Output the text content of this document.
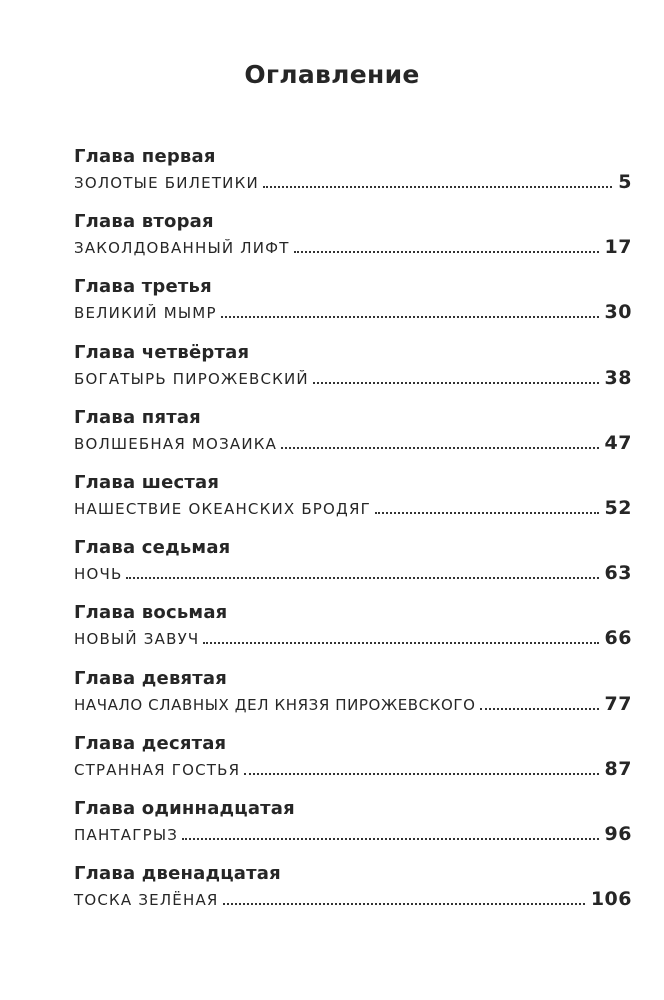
Оглавление
Глава первая
ЗОЛОТЫЕ БИЛЕТИКИ	5
Глава вторая
ЗАКОЛДОВАННЫЙ ЛИФТ	17
Глава третья
ВЕЛИКИЙ МЫМР	30
Глава четвёртая
БОГАТЫРЬ ПИРОЖЕВСКИЙ	38
Глава пятая
ВОЛШЕБНАЯ МОЗАИКА	47
Глава шестая
НАШЕСТВИЕ ОКЕАНСКИХ БРОДЯГ	52
Глава седьмая
НОЧЬ	63
Глава восьмая
НОВЫЙ ЗАВУЧ	66
Глава девятая
НАЧАЛО СЛАВНЫХ ДЕЛ КНЯЗЯ ПИРОЖЕВСКОГО	77
Глава десятая
СТРАННАЯ ГОСТЬЯ	87
Глава одиннадцатая
ПАНТАГРЫЗ	96
Глава двенадцатая
ТОСКА ЗЕЛЁНАЯ	106
